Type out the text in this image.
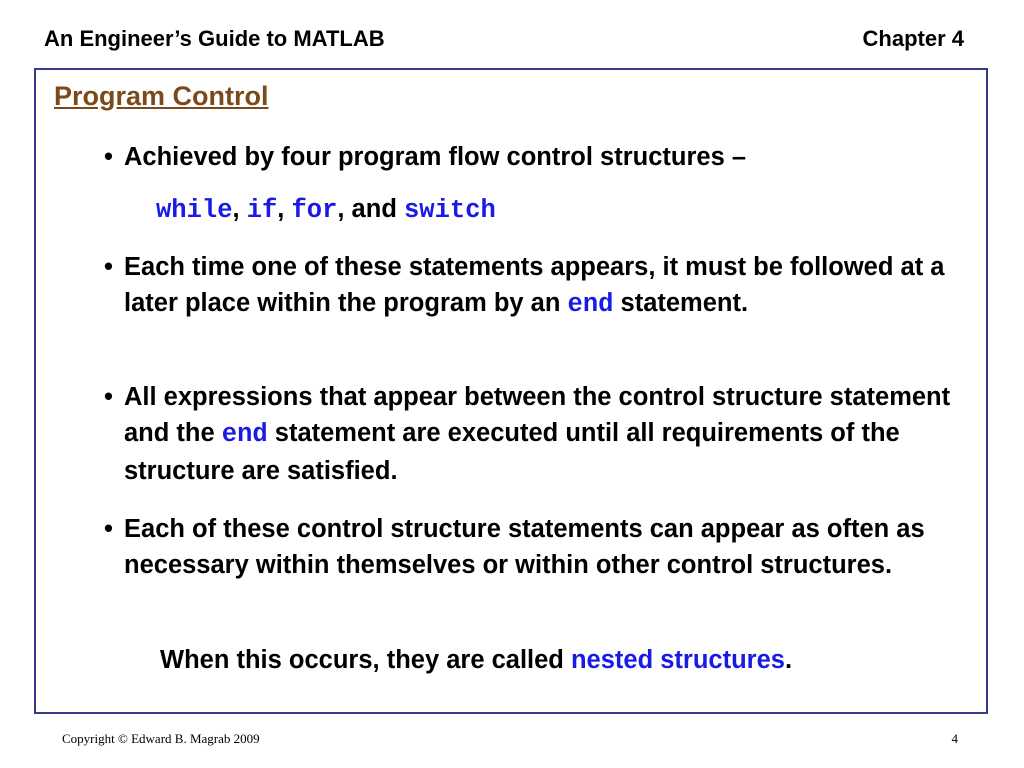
An Engineer’s Guide to MATLAB	Chapter 4
Program Control
• Achieved by four program flow control structures –
while, if, for, and switch
• Each time one of these statements appears, it must be followed at a later place within the program by an end statement.
• All expressions that appear between the control structure statement and the end statement are executed until all requirements of the structure are satisfied.
• Each of these control structure statements can appear as often as necessary within themselves or within other control structures.
When this occurs, they are called nested structures.
Copyright © Edward B. Magrab 2009	4
